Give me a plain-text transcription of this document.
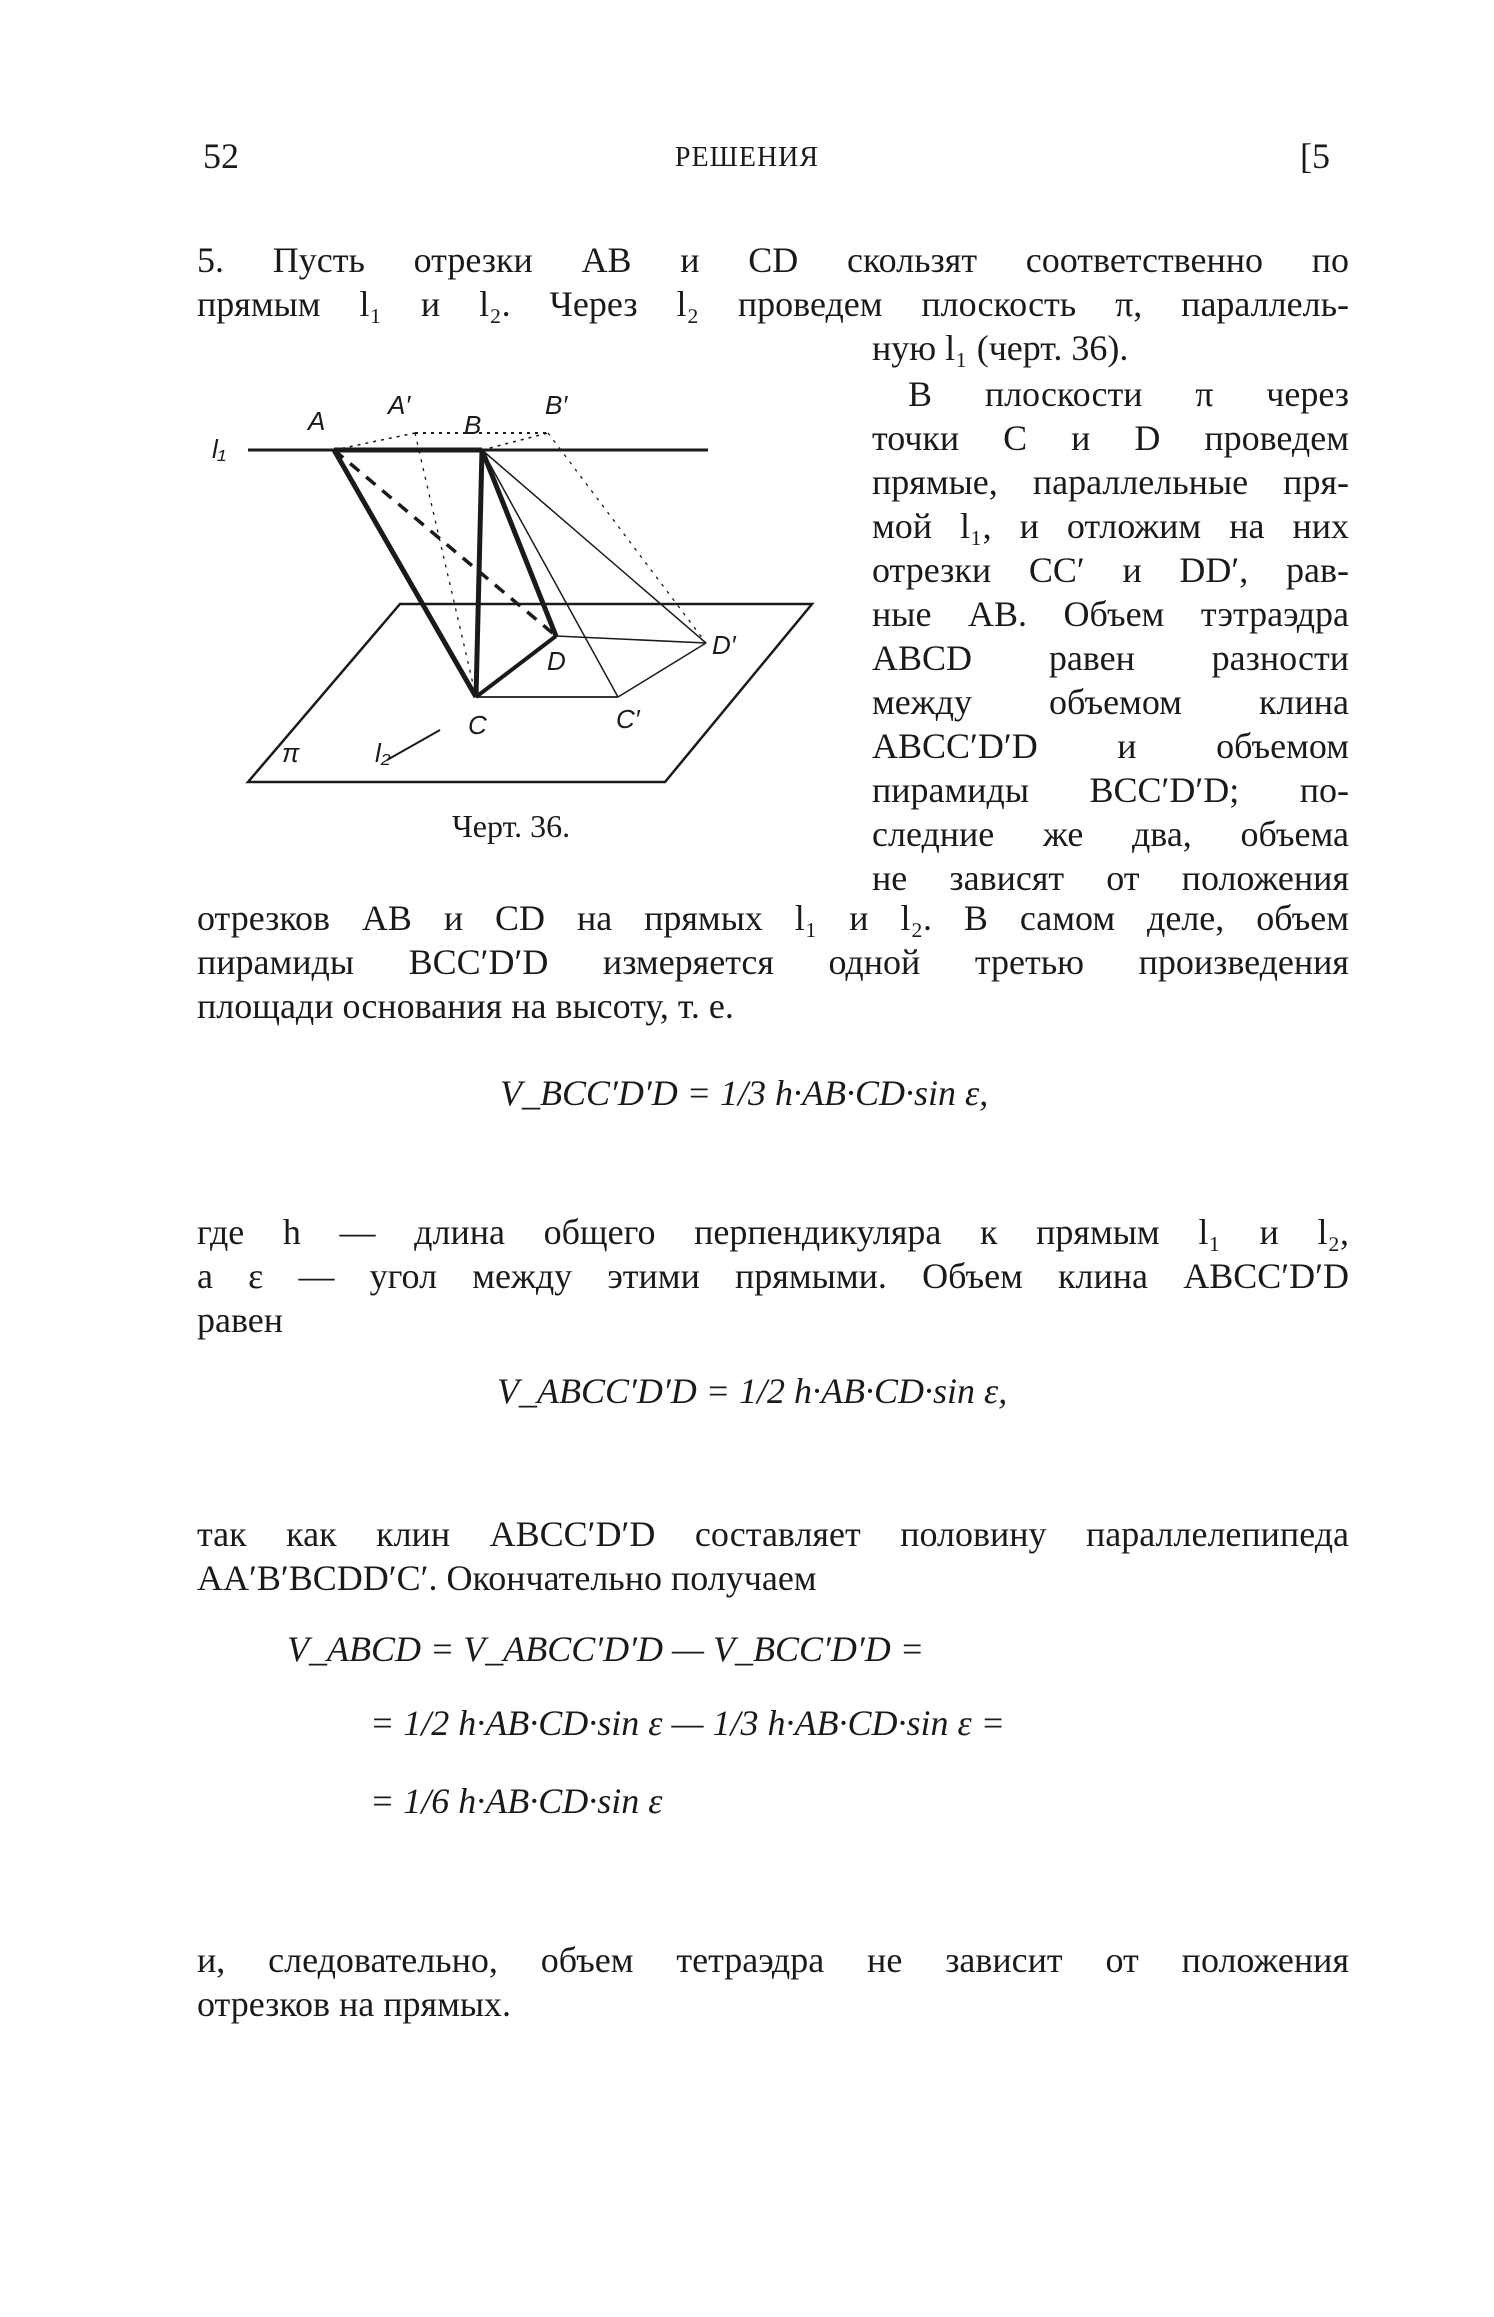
52	РЕШЕНИЯ	[5
5. Пусть отрезки AB и CD скользят соответственно по
прямым l₁ и l₂. Через l₂ проведем плоскость π, параллель-
ную l₁ (черт. 36).
В плоскости π через
точки C и D проведем
прямые, параллельные пря-
мой l₁, и отложим на них
отрезки CC′ и DD′, рав-
ные AB. Объем тэтраэдра
ABCD равен разности
между объемом клина
ABCC′D′D и объемом
пирамиды BCC′D′D; по-
следние же два, объема
не зависят от положения
отрезков AB и CD на прямых l₁ и l₂. В самом деле, объем
пирамиды BCC′D′D измеряется одной третью произведения
площади основания на высоту, т. е.
V_BCC′D′D = 1/3 h·AB·CD·sin ε,
где h — длина общего перпендикуляра к прямым l₁ и l₂,
а ε — угол между этими прямыми. Объем клина ABCC′D′D
равен
V_ABCC′D′D = 1/2 h·AB·CD·sin ε,
так как клин ABCC′D′D составляет половину параллелепипеда
AA′B′BCDD′C′. Окончательно получаем
V_ABCD = V_ABCC′D′D — V_BCC′D′D =
= 1/2 h·AB·CD·sin ε — 1/3 h·AB·CD·sin ε =
= 1/6 h·AB·CD·sin ε
и, следовательно, объем тетраэдра не зависит от положения
отрезков на прямых.
A′	B′
A	B
l₁
D
D′
C	C′
π	l₂
Черт. 36.
